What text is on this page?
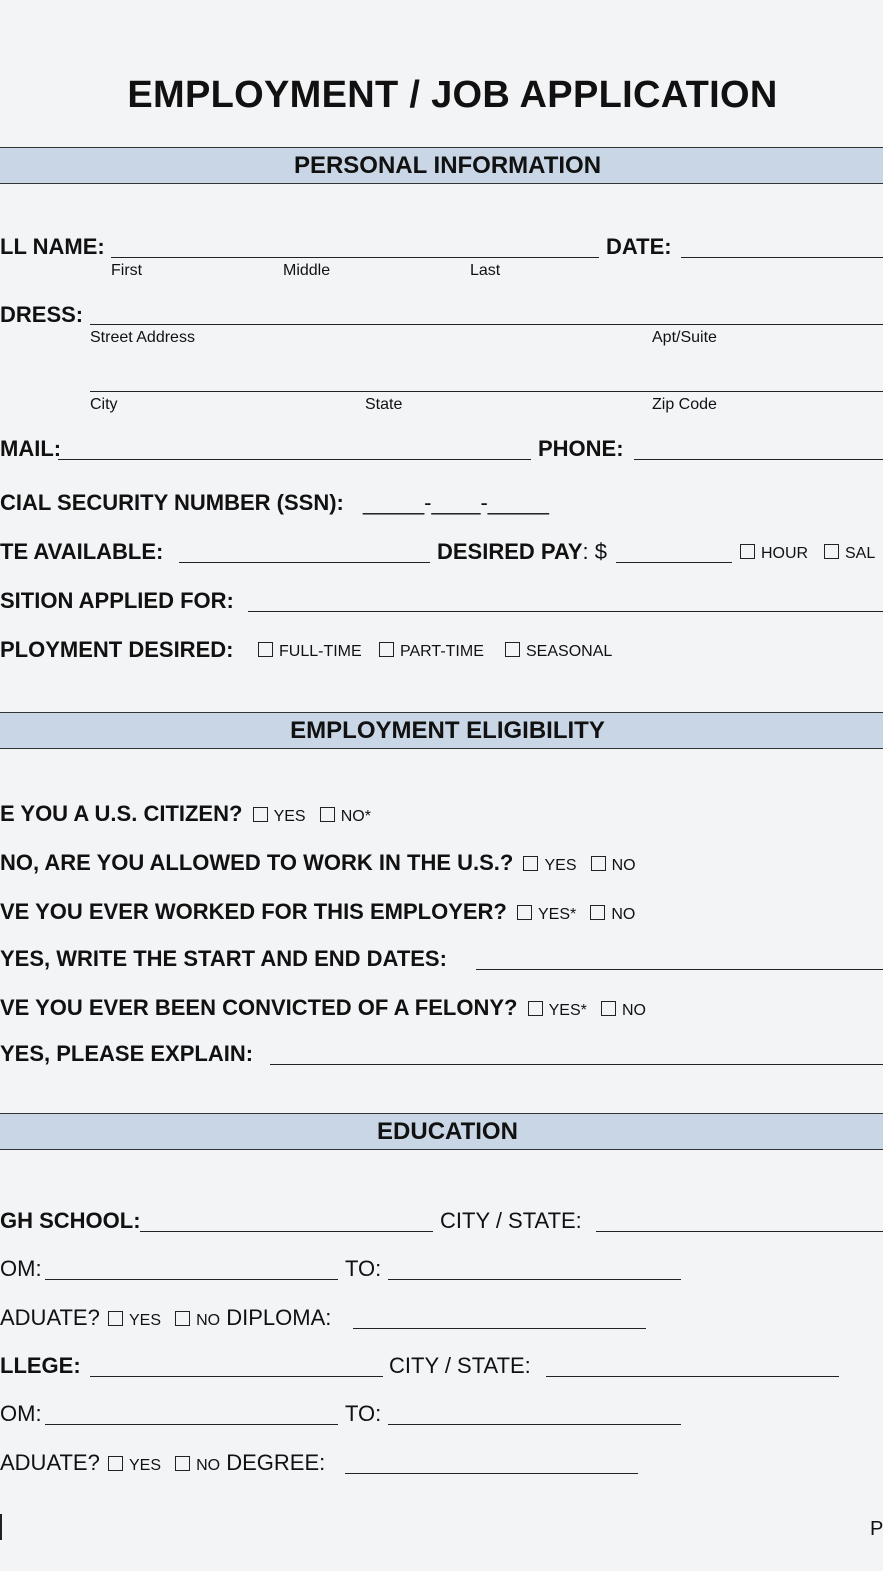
EMPLOYMENT / JOB APPLICATION
PERSONAL INFORMATION
LL NAME:	DATE:
First	Middle	Last
DRESS:
Street Address	Apt/Suite
City	State	Zip Code
MAIL:	PHONE:
CIAL SECURITY NUMBER (SSN): _____-____-_____
TE AVAILABLE:	DESIRED PAY: $	HOUR	SAL
SITION APPLIED FOR:
PLOYMENT DESIRED:	FULL-TIME	PART-TIME	SEASONAL
EMPLOYMENT ELIGIBILITY
E YOU A U.S. CITIZEN? YES NO*
NO, ARE YOU ALLOWED TO WORK IN THE U.S.? YES NO
VE YOU EVER WORKED FOR THIS EMPLOYER? YES* NO
YES, WRITE THE START AND END DATES:
VE YOU EVER BEEN CONVICTED OF A FELONY? YES* NO
YES, PLEASE EXPLAIN:
EDUCATION
GH SCHOOL:	CITY / STATE:
OM:	TO:
ADUATE? YES NO DIPLOMA:
LLEGE:	CITY / STATE:
OM:	TO:
ADUATE? YES NO DEGREE:
P
